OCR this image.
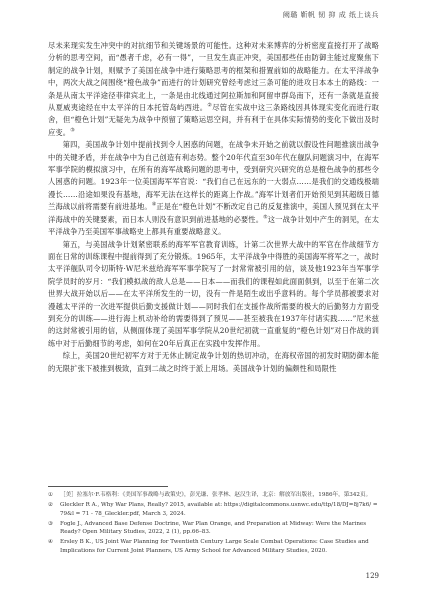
阙璐 靳帆 韧 抑 成 纸上谈兵

尽未来现实发生冲突中的对抗细节和关键场景的可能性。这种对未来博弈的分析密度直接打开了战略分析的思考空间，而“愚者千虑，必有一得”，一旦发生真正冲突，美国那些任由防御主能过度聚焦下制定的战争计划，则赋予了美国在战争中进行策略思考的框架和措置前如的战略能力。在太平洋战争中，两次大战之间围绕“橙色战争”而进行的计划研究曾经考虑过三条可能的进攻日本本土的路线：一条是从南太平洋途径菲律宾北上，一条是由北线通过阿拉斯加和阿留申群岛南下，还有一条就是直接从夏威夷途经在中太平洋的日本托管岛屿西进。②尽管在实战中这三条路线因具体现实变化而进行取舍，但“橙色计划”无疑先为战争中预留了策略运思空间，并有利于在具体实际情势的变化下做出及时应变。③

第四，美国战争计划中提前找到令人困惑的问题，在战争未开始之前就以假设性问题推演出战争中的关键矛盾，并在战争中为自己创造有利态势。整个20年代直至30年代在舰队问题演习中，在海军军事学院的模拟演习中，在所有的海军战略问题的思考中，受到研究兴研究的总是橙色战争的那些令人困惑的问题。1923年一位美国海军军官说：“我们自己在远东的一大弱点……是我们的交通线极端漫长……沿途如果没有基地，海军无法在这样长的距离上作战。”海军计划者们开始预见到其超级日德兰海战以前将需要有前进基地。④正是在“橙色计划”不断改定自己的反复推演中，美国人预见到在太平洋海战中的关键要素，而日本人则没有意识到前进基地的必要性。⑤这一战争计划中产生的洞见，在太平洋战争乃至美国军事战略史上都具有重要战略意义。

第五，与美国战争计划紧密联系的海军军官教育训练，计第二次世界大战中的军官在作战细节方面在日常的训练课程中提前得到了充分锻炼。1965年，太平洋战争中得胜的美国海军将军之一，战时太平洋舰队司令切斯特·W尼米兹给海军军事学院写了一封常常被引用的信，谈及他1923年当军事学院学员时的岁月：“我们模拟战的敌人总是——日本——而我们的课程如此面面俱到，以至于在第二次世界大战开始以后——在太平洋所发生的一切，没有一件是陌生或出乎意料的。每个学员都被要求对漫越太平洋的一次进军提供后勤支援做计划——同时我们在支援作战所需要的极大的后勤努力方面受到充分的训练——进行海上机动补给的需要得到了预见——甚至被我在1937年付诸实践……”尼米兹的这封常被引用的信，从侧面体现了美国军事学院从20世纪初就一直重复的“橙色计划”对日作战的训练中对于后勤细节的考虑，如何在20年后真正在实践中发挥作用。

综上，美国20世纪初军方对于无休止制定战争计划的热切冲动，在海权帝国的初发时期防御本能的无限扩张下被推到极致，直到二战之时终于派上用场。美国战争计划的偏颇性和局限性

①	［美］拉塞尔·F.韦格利：《美国军事战略与政策史》，彭光谦、张孝林、赵汉生译，北京：解放军出版社，1986年，第342页。
②	Gleckler R A., Why War Plans, Really? 2015, available at: https://digitalcommons.usnwc.edu/ttp/18/DJ=8j7k6/ = 79&l = 71 - 78_Gleckler.pdf, March 3, 2024.
③	Fogle J., Advanced Base Defense Doctrine, War Plan Orange, and Preparation at Midway: Were the Marines Ready? Open Military Studies, 2022, 2 (1), pp.66–83.
④	Ersley B K., US Joint War Planning for Twentieth Century Large Scale Combat Operations: Case Studies and Implications for Current Joint Planners, US Army School for Advanced Military Studies, 2020.
129
